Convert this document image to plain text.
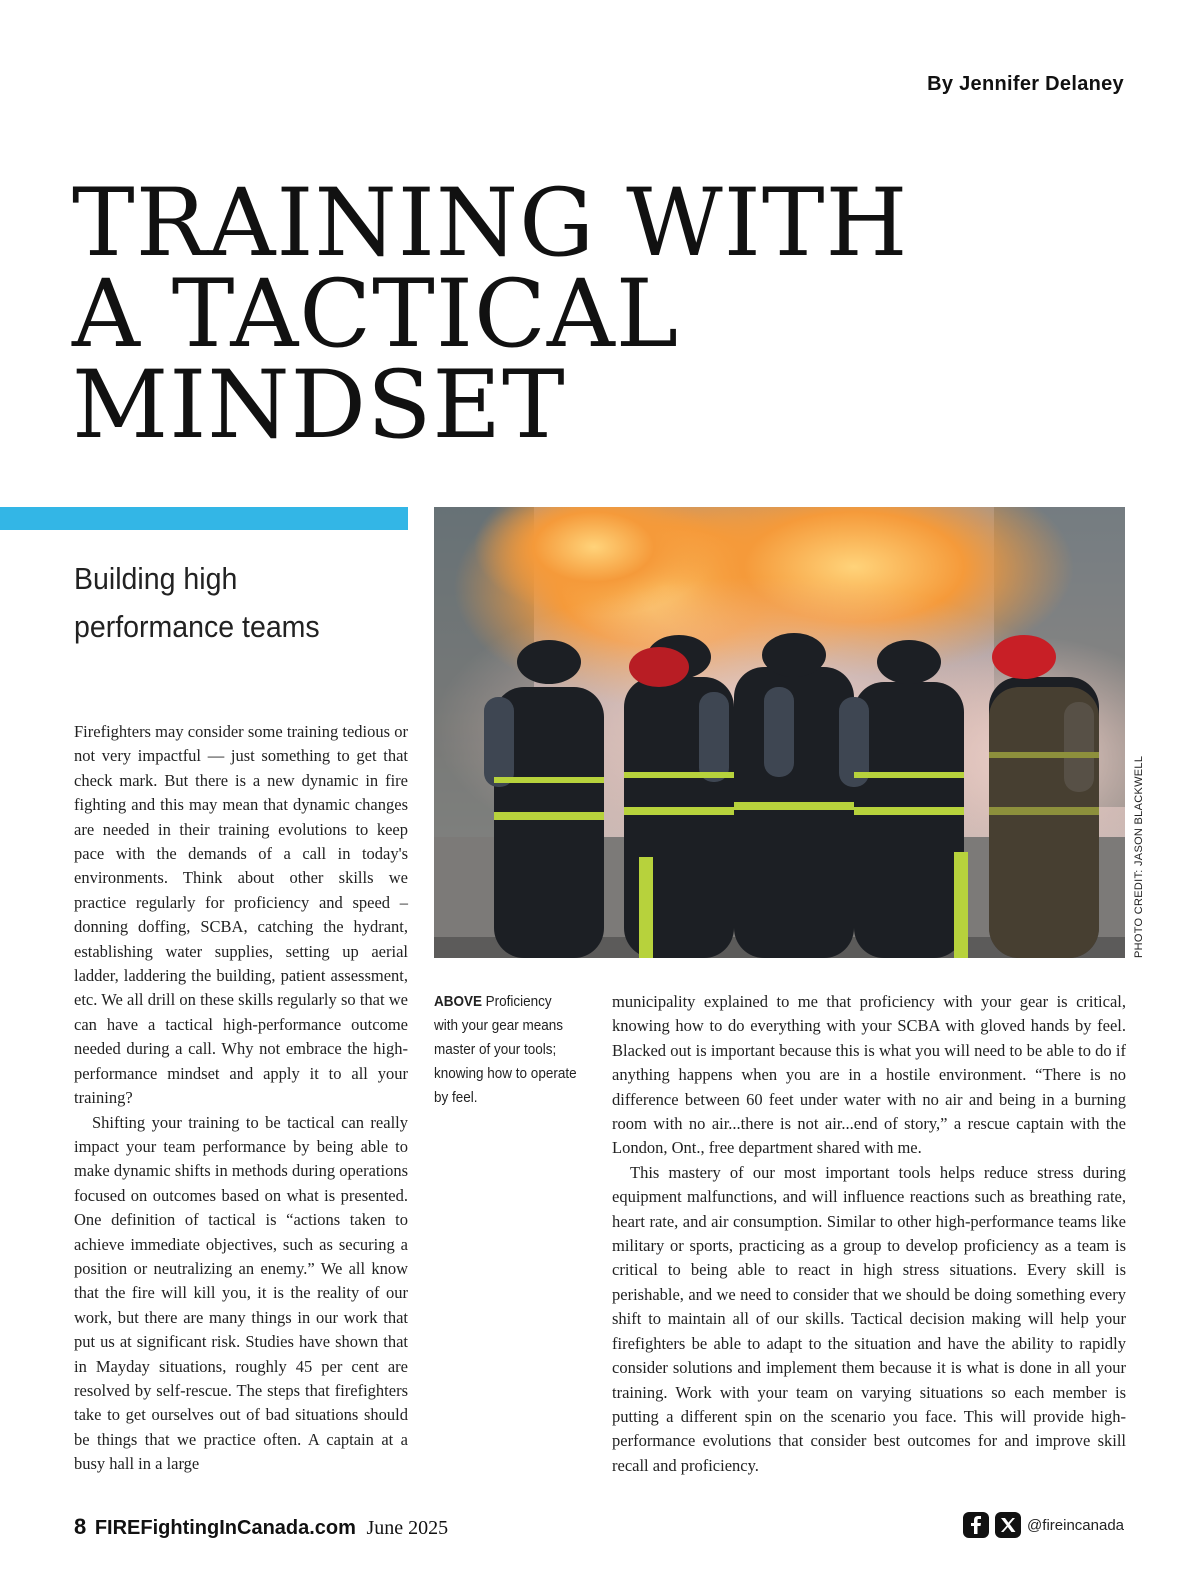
By Jennifer Delaney
TRAINING WITH
A TACTICAL
MINDSET
Building high performance teams
PHOTO CREDIT: JASON BLACKWELL

Firefighters may consider some training tedious or not very impactful — just something to get that check mark. But there is a new dynamic in fire fighting and this may mean that dynamic changes are needed in their training evolutions to keep pace with the demands of a call in today's environments. Think about other skills we practice regularly for proficiency and speed – donning doffing, SCBA, catching the hydrant, establishing water supplies, setting up aerial ladder, laddering the building, patient assessment, etc. We all drill on these skills regularly so that we can have a tactical high-performance outcome needed during a call. Why not embrace the high-performance mindset and apply it to all your training?

Shifting your training to be tactical can really impact your team performance by being able to make dynamic shifts in methods during operations focused on outcomes based on what is presented. One definition of tactical is “actions taken to achieve immediate objectives, such as securing a position or neutralizing an enemy.” We all know that the fire will kill you, it is the reality of our work, but there are many things in our work that put us at significant risk. Studies have shown that in Mayday situations, roughly 45 per cent are resolved by self-rescue. The steps that firefighters take to get ourselves out of bad situations should be things that we practice often. A captain at a busy hall in a large

ABOVE Proficiency with your gear means master of your tools; knowing how to operate by feel.

municipality explained to me that proficiency with your gear is critical, knowing how to do everything with your SCBA with gloved hands by feel. Blacked out is important because this is what you will need to be able to do if anything happens when you are in a hostile environment. “There is no difference between 60 feet under water with no air and being in a burning room with no air...there is not air...end of story,” a rescue captain with the London, Ont., free department shared with me.

This mastery of our most important tools helps reduce stress during equipment malfunctions, and will influence reactions such as breathing rate, heart rate, and air consumption. Similar to other high-performance teams like military or sports, practicing as a group to develop proficiency as a team is critical to being able to react in high stress situations. Every skill is perishable, and we need to consider that we should be doing something every shift to maintain all of our skills. Tactical decision making will help your firefighters be able to adapt to the situation and have the ability to rapidly consider solutions and implement them because it is what is done in all your training. Work with your team on varying situations so each member is putting a different spin on the scenario you face. This will provide high-performance evolutions that consider best outcomes for and improve skill recall and proficiency.

8 FIREFightingInCanada.com June 2025	@fireincanada
